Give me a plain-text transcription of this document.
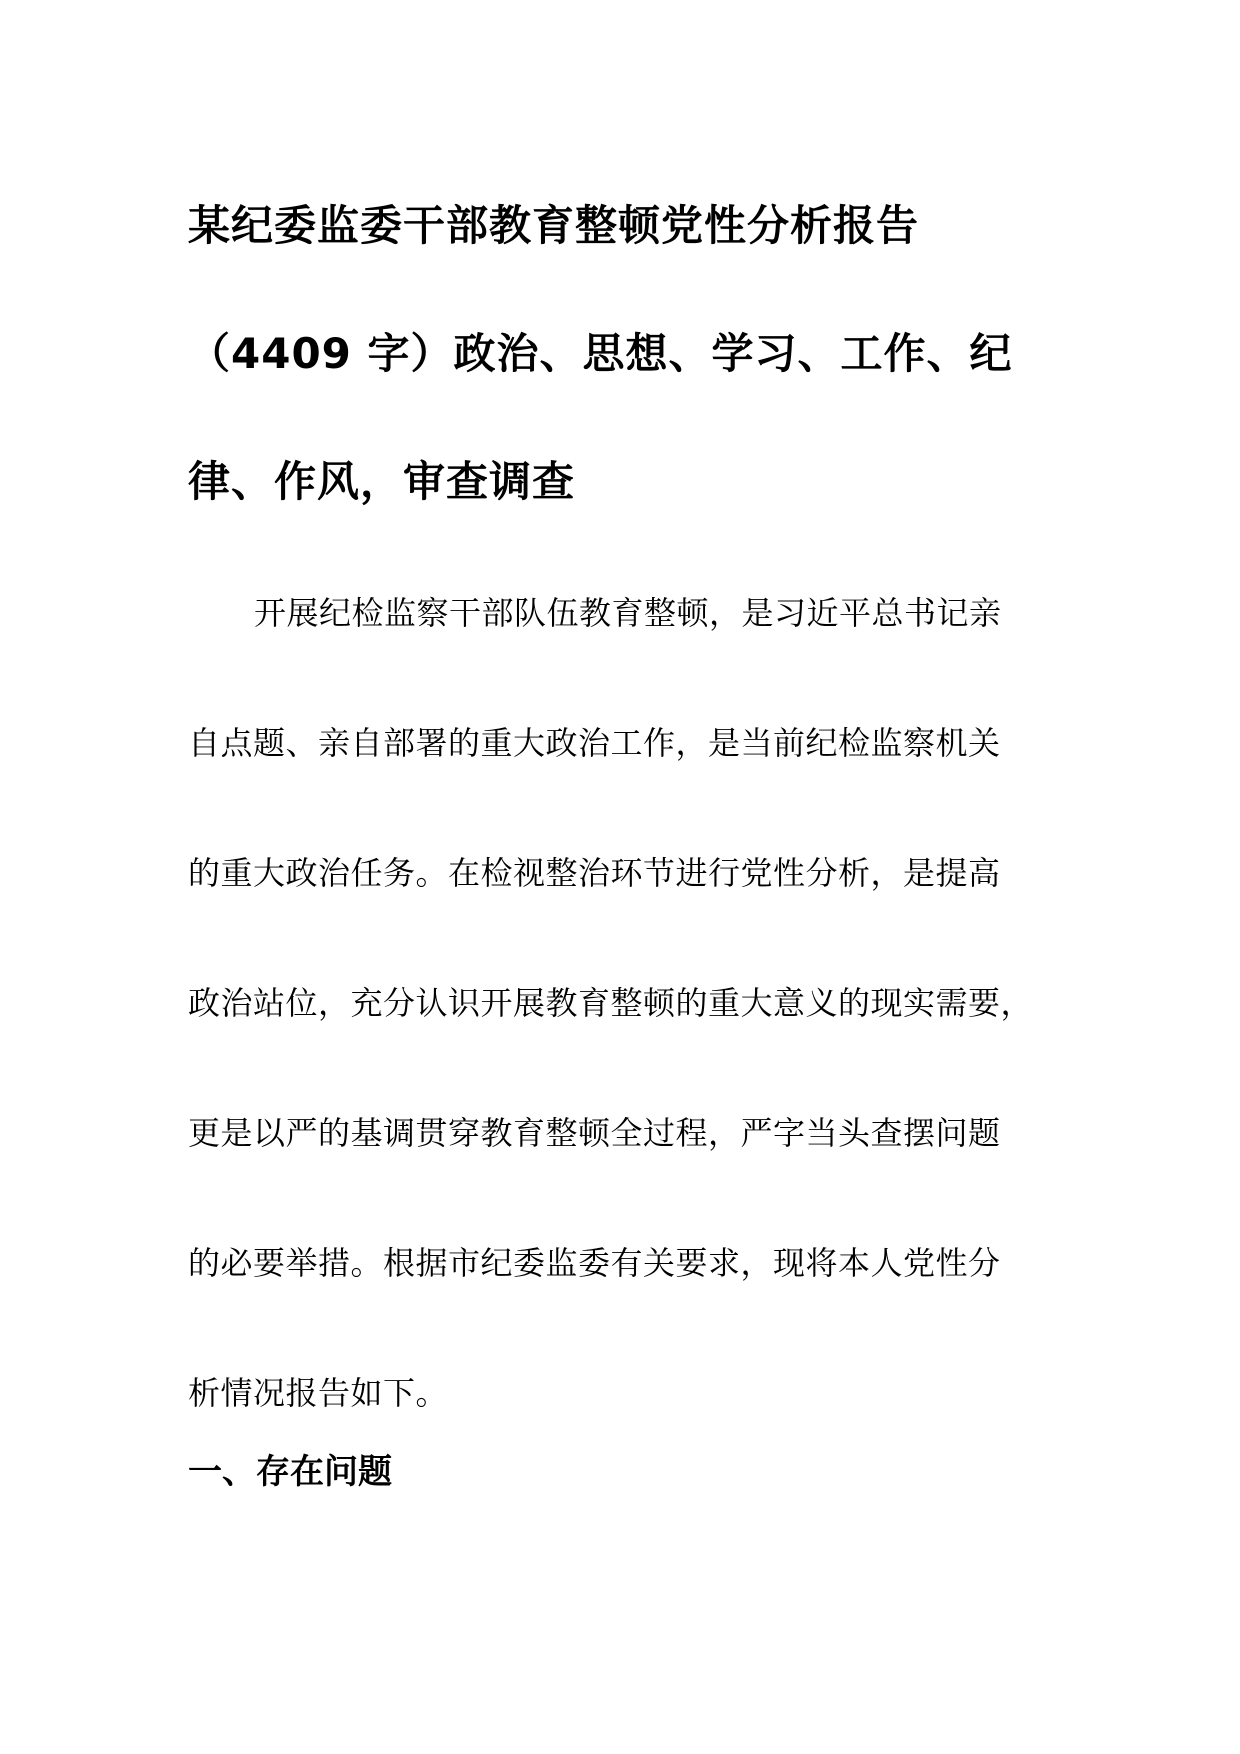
某纪委监委干部教育整顿党性分析报告
（4409 字）政治、思想、学习、工作、纪
律、作风，审查调查

开展纪检监察干部队伍教育整顿，是习近平总书记亲
自点题、亲自部署的重大政治工作，是当前纪检监察机关
的重大政治任务。在检视整治环节进行党性分析，是提高
政治站位，充分认识开展教育整顿的重大意义的现实需要，
更是以严的基调贯穿教育整顿全过程，严字当头查摆问题
的必要举措。根据市纪委监委有关要求，现将本人党性分
析情况报告如下。

一、存在问题
